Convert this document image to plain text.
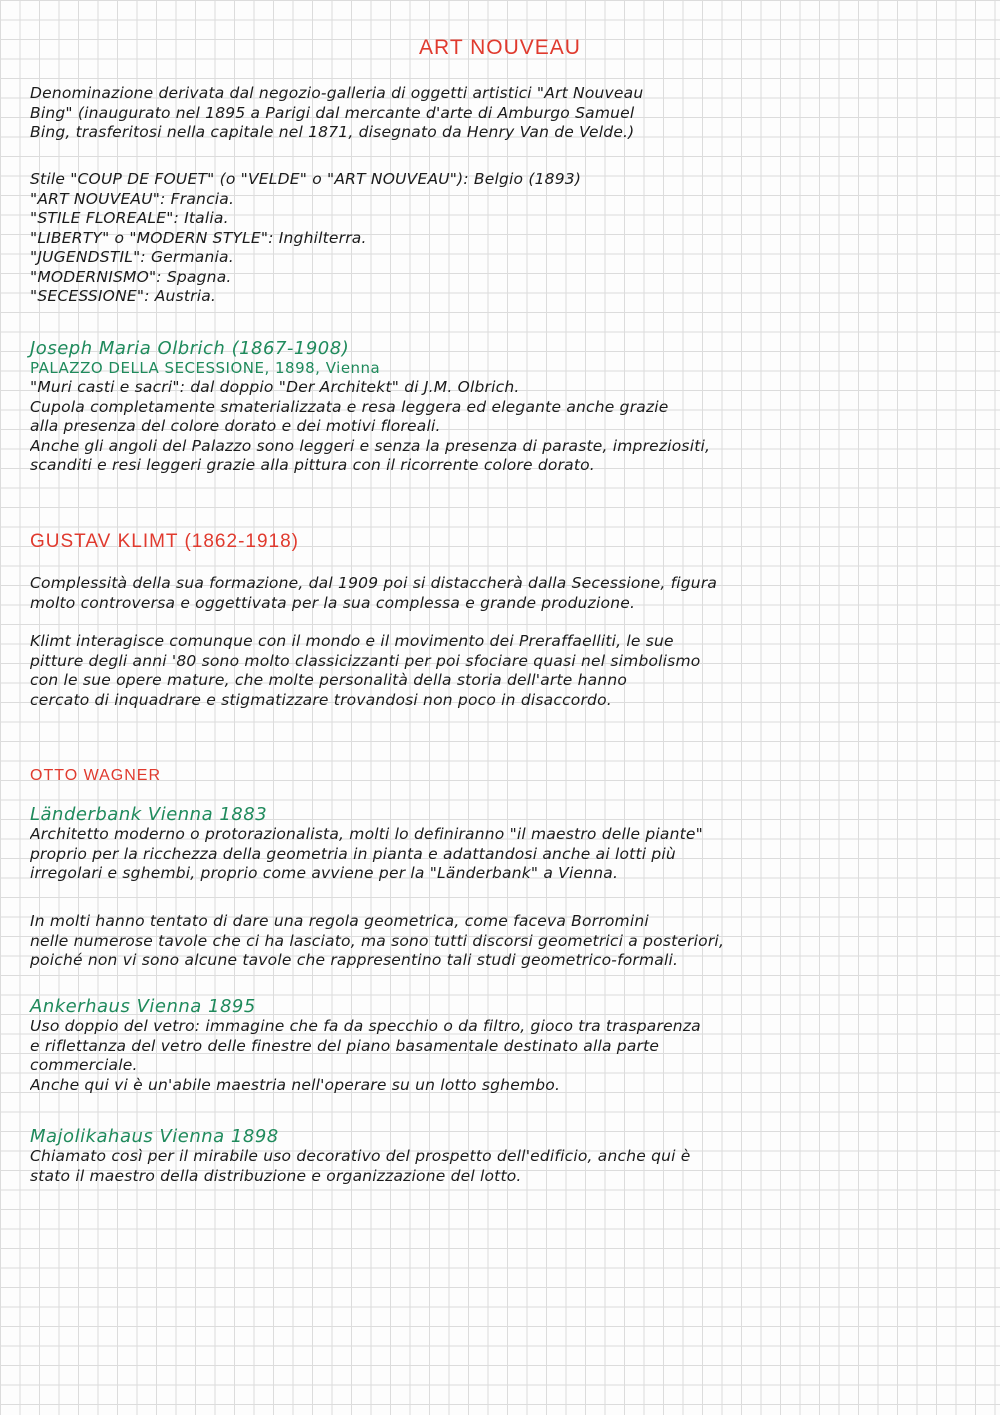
ART NOUVEAU
Denominazione derivata dal negozio-galleria di oggetti artistici "Art Nouveau
Bing" (inaugurato nel 1895 a Parigi dal mercante d'arte di Amburgo Samuel
Bing, trasferitosi nella capitale nel 1871, disegnato da Henry Van de Velde.)
Stile "COUP DE FOUET" (o "VELDE" o "ART NOUVEAU"): Belgio (1893)
"ART NOUVEAU": Francia.
"STILE FLOREALE": Italia.
"LIBERTY" o "MODERN STYLE": Inghilterra.
"JUGENDSTIL": Germania.
"MODERNISMO": Spagna.
"SECESSIONE": Austria.
Joseph Maria Olbrich (1867-1908)
PALAZZO DELLA SECESSIONE, 1898, Vienna
"Muri casti e sacri": dal doppio "Der Architekt" di J.M. Olbrich.
Cupola completamente smaterializzata e resa leggera ed elegante anche grazie
alla presenza del colore dorato e dei motivi floreali.
Anche gli angoli del Palazzo sono leggeri e senza la presenza di paraste, impreziositi,
scanditi e resi leggeri grazie alla pittura con il ricorrente colore dorato.
GUSTAV KLIMT (1862-1918)
Complessità della sua formazione, dal 1909 poi si distaccherà dalla Secessione, figura
molto controversa e oggettivata per la sua complessa e grande produzione.
Klimt interagisce comunque con il mondo e il movimento dei Preraffaelliti, le sue
pitture degli anni '80 sono molto classicizzanti per poi sfociare quasi nel simbolismo
con le sue opere mature, che molte personalità della storia dell'arte hanno
cercato di inquadrare e stigmatizzare trovandosi non poco in disaccordo.
OTTO WAGNER
Länderbank Vienna 1883
Architetto moderno o protorazionalista, molti lo definiranno "il maestro delle piante"
proprio per la ricchezza della geometria in pianta e adattandosi anche ai lotti più
irregolari e sghembi, proprio come avviene per la "Länderbank" a Vienna.
In molti hanno tentato di dare una regola geometrica, come faceva Borromini
nelle numerose tavole che ci ha lasciato, ma sono tutti discorsi geometrici a posteriori,
poiché non vi sono alcune tavole che rappresentino tali studi geometrico-formali.
Ankerhaus Vienna 1895
Uso doppio del vetro: immagine che fa da specchio o da filtro, gioco tra trasparenza
e riflettanza del vetro delle finestre del piano basamentale destinato alla parte
commerciale.
Anche qui vi è un'abile maestria nell'operare su un lotto sghembo.
Majolikahaus Vienna 1898
Chiamato così per il mirabile uso decorativo del prospetto dell'edificio, anche qui è
stato il maestro della distribuzione e organizzazione del lotto.
